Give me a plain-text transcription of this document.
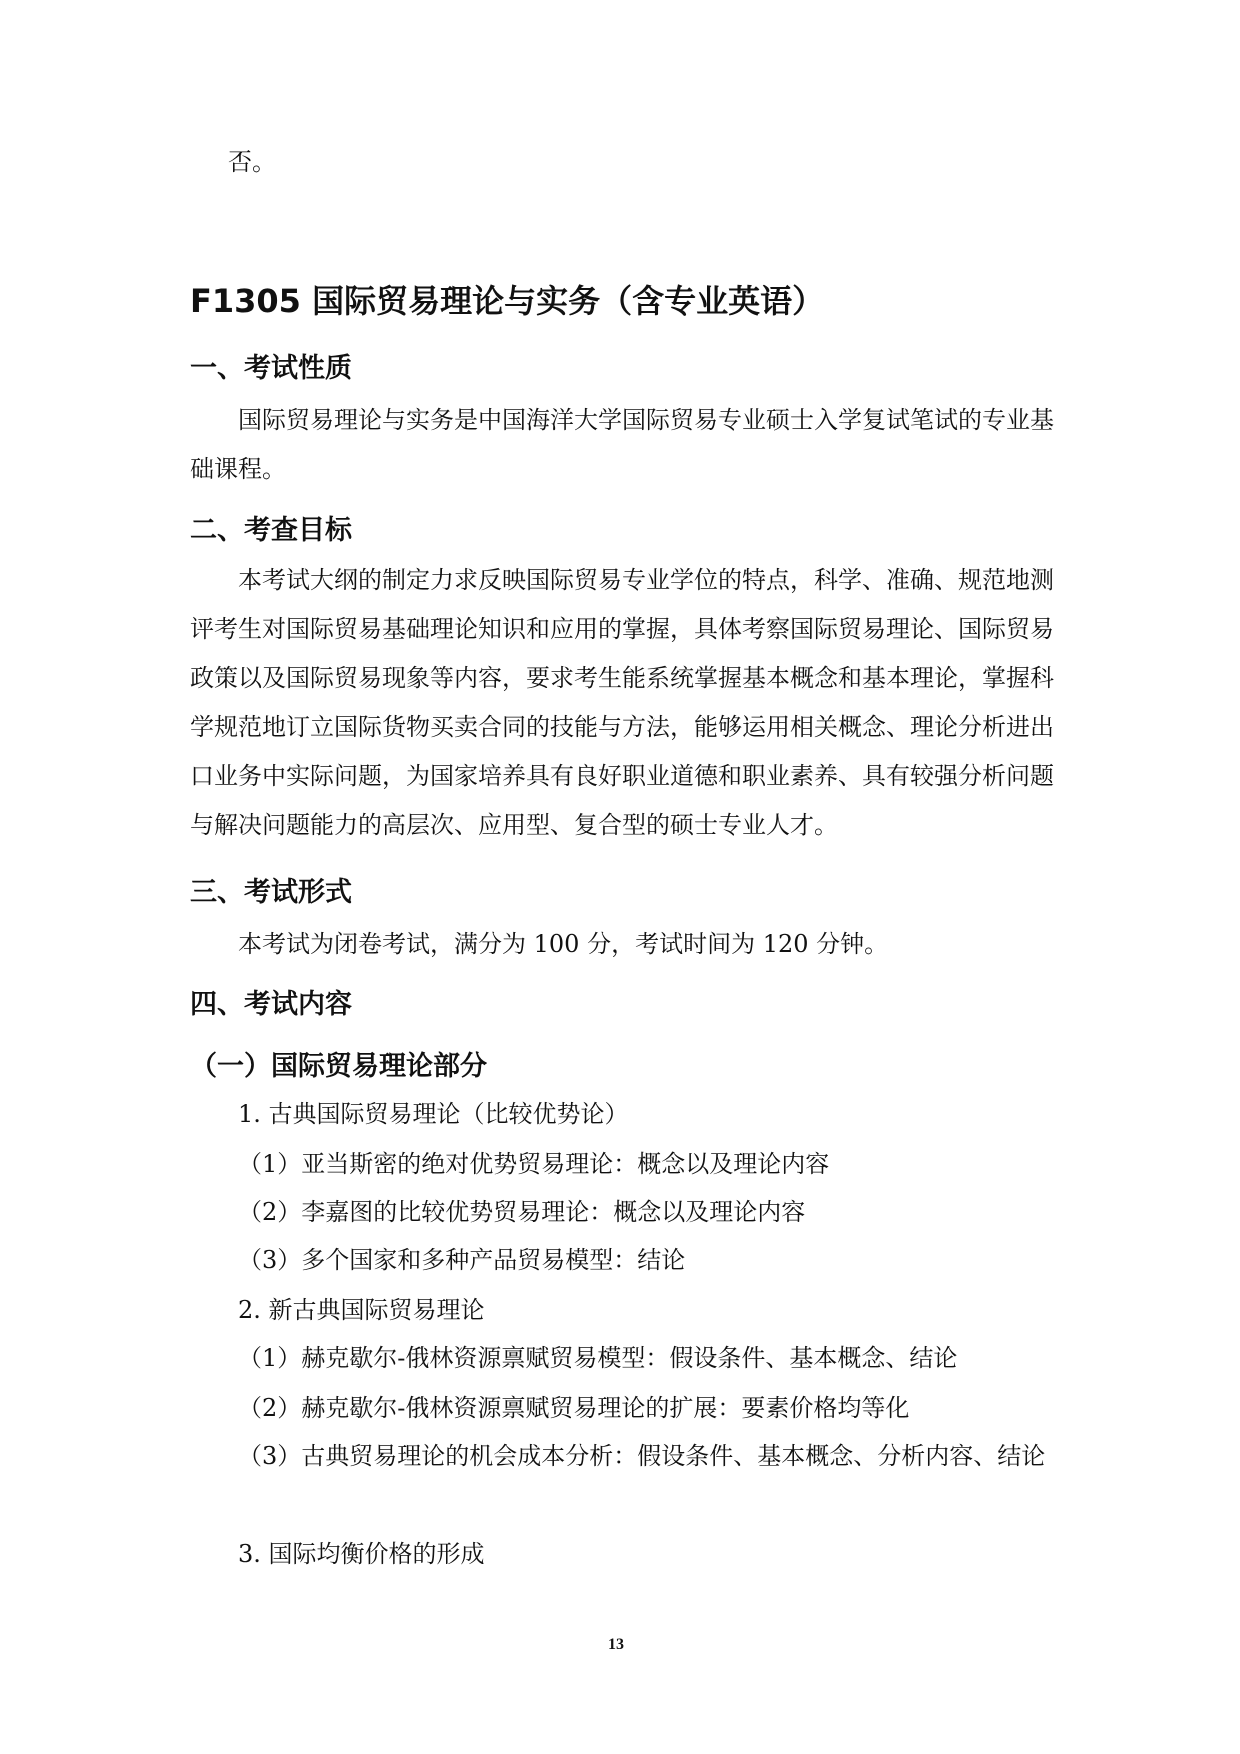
否。
F1305 国际贸易理论与实务（含专业英语）
一、考试性质
国际贸易理论与实务是中国海洋大学国际贸易专业硕士入学复试笔试的专业基础课程。
二、考查目标
本考试大纲的制定力求反映国际贸易专业学位的特点，科学、准确、规范地测评考生对国际贸易基础理论知识和应用的掌握，具体考察国际贸易理论、国际贸易政策以及国际贸易现象等内容，要求考生能系统掌握基本概念和基本理论，掌握科学规范地订立国际货物买卖合同的技能与方法，能够运用相关概念、理论分析进出口业务中实际问题，为国家培养具有良好职业道德和职业素养、具有较强分析问题与解决问题能力的高层次、应用型、复合型的硕士专业人才。
三、考试形式
本考试为闭卷考试，满分为 100 分，考试时间为 120 分钟。
四、考试内容
（一）国际贸易理论部分
1. 古典国际贸易理论（比较优势论）
（1）亚当斯密的绝对优势贸易理论：概念以及理论内容
（2）李嘉图的比较优势贸易理论：概念以及理论内容
（3）多个国家和多种产品贸易模型：结论
2. 新古典国际贸易理论
（1）赫克歇尔-俄林资源禀赋贸易模型：假设条件、基本概念、结论
（2）赫克歇尔-俄林资源禀赋贸易理论的扩展：要素价格均等化
（3）古典贸易理论的机会成本分析：假设条件、基本概念、分析内容、结论
3. 国际均衡价格的形成
13
